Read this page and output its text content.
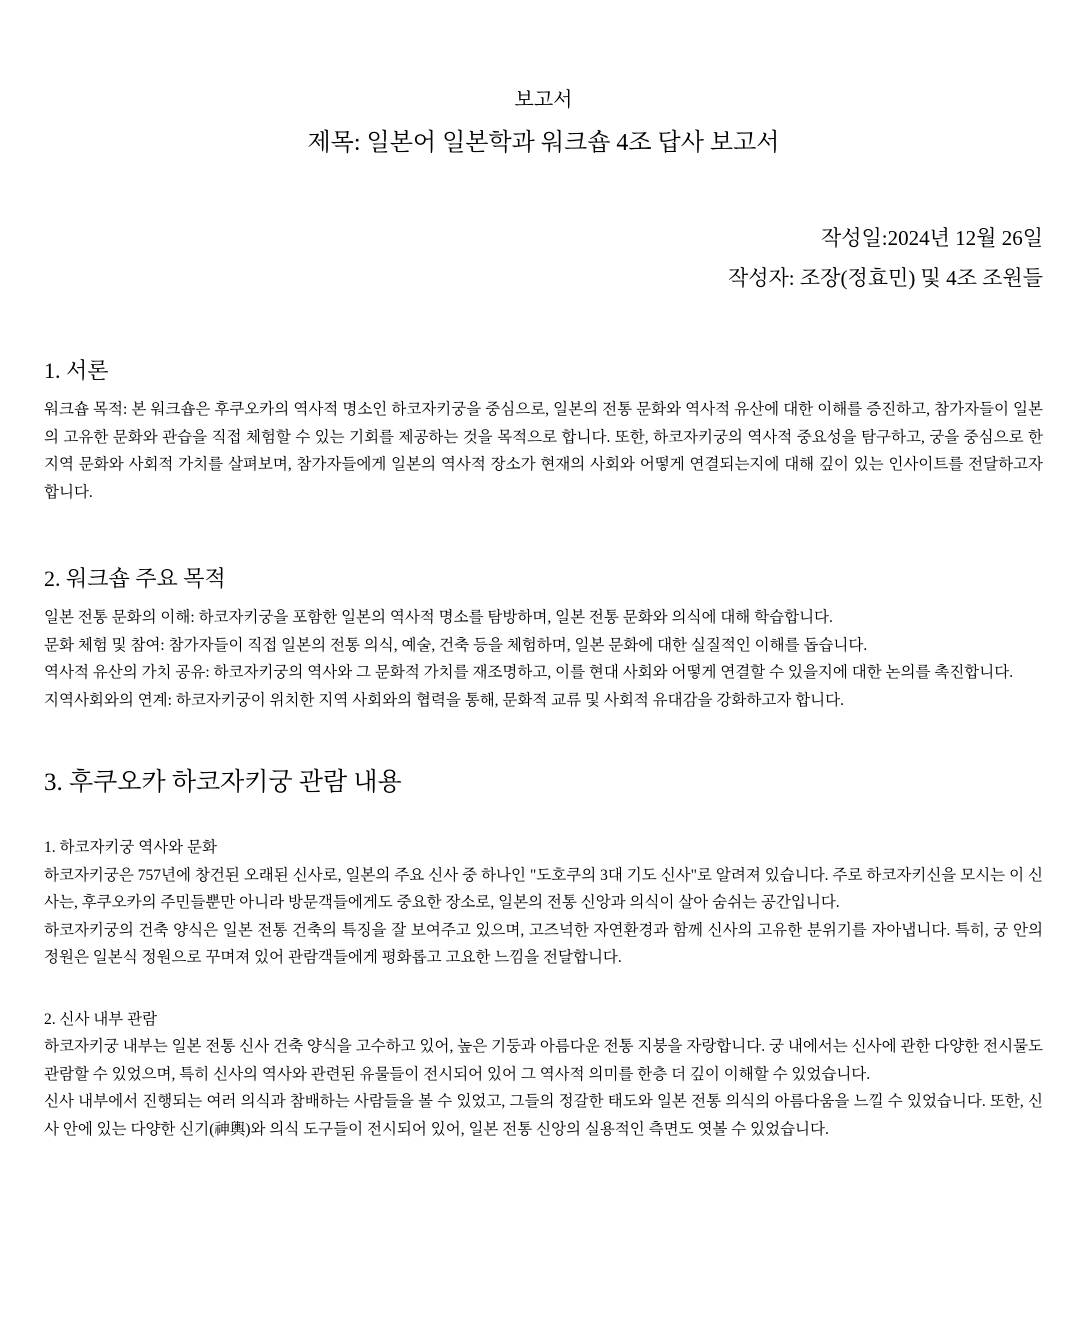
보고서

제목: 일본어 일본학과 워크숍 4조 답사 보고서

작성일:2024년 12월 26일

작성자: 조장(정효민) 및 4조 조원들

1. 서론

워크숍 목적: 본 워크숍은 후쿠오카의 역사적 명소인 하코자키궁을 중심으로, 일본의 전통 문화와 역사적 유산에 대한 이해를 증진하고, 참가자들이 일본의 고유한 문화와 관습을 직접 체험할 수 있는 기회를 제공하는 것을 목적으로 합니다. 또한, 하코자키궁의 역사적 중요성을 탐구하고, 궁을 중심으로 한 지역 문화와 사회적 가치를 살펴보며, 참가자들에게 일본의 역사적 장소가 현재의 사회와 어떻게 연결되는지에 대해 깊이 있는 인사이트를 전달하고자 합니다.

2. 워크숍 주요 목적

일본 전통 문화의 이해: 하코자키궁을 포함한 일본의 역사적 명소를 탐방하며, 일본 전통 문화와 의식에 대해 학습합니다.

문화 체험 및 참여: 참가자들이 직접 일본의 전통 의식, 예술, 건축 등을 체험하며, 일본 문화에 대한 실질적인 이해를 돕습니다.

역사적 유산의 가치 공유: 하코자키궁의 역사와 그 문화적 가치를 재조명하고, 이를 현대 사회와 어떻게 연결할 수 있을지에 대한 논의를 촉진합니다.

지역사회와의 연계: 하코자키궁이 위치한 지역 사회와의 협력을 통해, 문화적 교류 및 사회적 유대감을 강화하고자 합니다.

3. 후쿠오카 하코자키궁 관람 내용

1. 하코자키궁 역사와 문화

하코자키궁은 757년에 창건된 오래된 신사로, 일본의 주요 신사 중 하나인 "도호쿠의 3대 기도 신사"로 알려져 있습니다. 주로 하코자키신을 모시는 이 신사는, 후쿠오카의 주민들뿐만 아니라 방문객들에게도 중요한 장소로, 일본의 전통 신앙과 의식이 살아 숨쉬는 공간입니다.

하코자키궁의 건축 양식은 일본 전통 건축의 특징을 잘 보여주고 있으며, 고즈넉한 자연환경과 함께 신사의 고유한 분위기를 자아냅니다. 특히, 궁 안의 정원은 일본식 정원으로 꾸며져 있어 관람객들에게 평화롭고 고요한 느낌을 전달합니다.

2. 신사 내부 관람

하코자키궁 내부는 일본 전통 신사 건축 양식을 고수하고 있어, 높은 기둥과 아름다운 전통 지붕을 자랑합니다. 궁 내에서는 신사에 관한 다양한 전시물도 관람할 수 있었으며, 특히 신사의 역사와 관련된 유물들이 전시되어 있어 그 역사적 의미를 한층 더 깊이 이해할 수 있었습니다.

신사 내부에서 진행되는 여러 의식과 참배하는 사람들을 볼 수 있었고, 그들의 정갈한 태도와 일본 전통 의식의 아름다움을 느낄 수 있었습니다. 또한, 신사 안에 있는 다양한 신기(神輿)와 의식 도구들이 전시되어 있어, 일본 전통 신앙의 실용적인 측면도 엿볼 수 있었습니다.
